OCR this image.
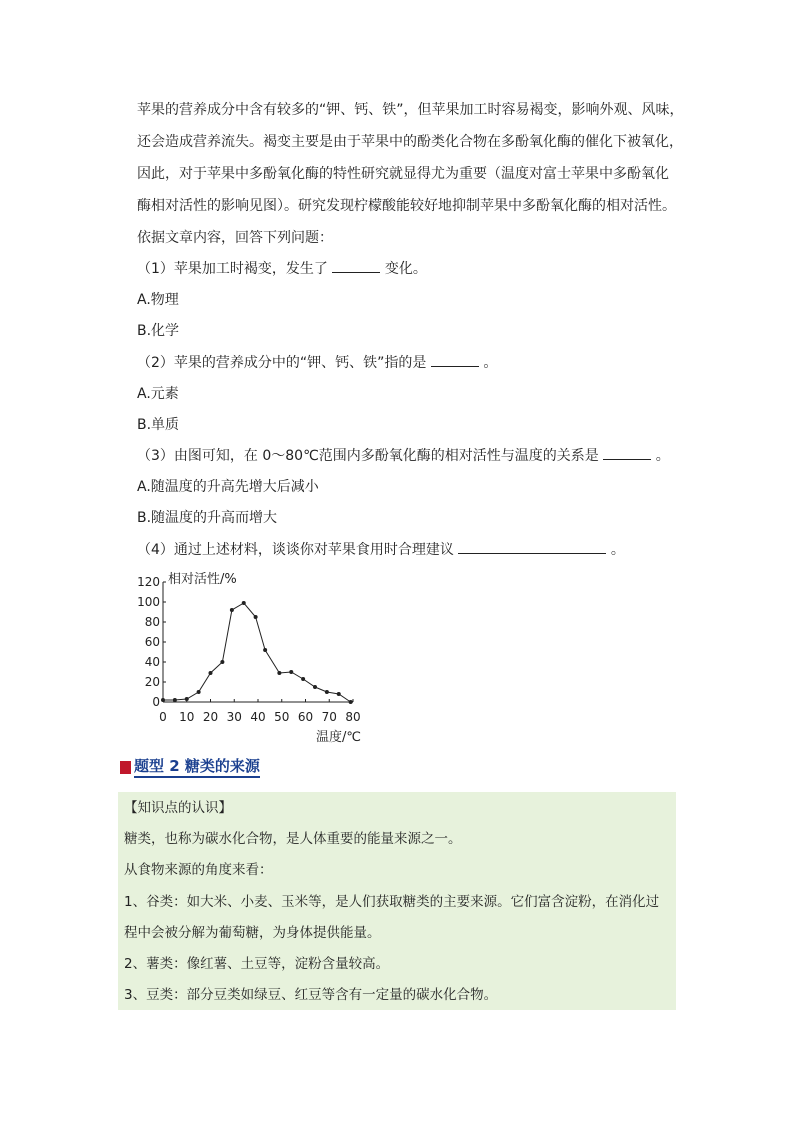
苹果的营养成分中含有较多的“钾、钙、铁”，但苹果加工时容易褐变，影响外观、风味，
还会造成营养流失。褐变主要是由于苹果中的酚类化合物在多酚氧化酶的催化下被氧化，
因此，对于苹果中多酚氧化酶的特性研究就显得尤为重要（温度对富士苹果中多酚氧化
酶相对活性的影响见图）。研究发现柠檬酸能较好地抑制苹果中多酚氧化酶的相对活性。
依据文章内容，回答下列问题：
（1）苹果加工时褐变，发生了	变化。
A.物理
B.化学
（2）苹果的营养成分中的“钾、钙、铁”指的是	。
A.元素
B.单质
（3）由图可知，在 0～80℃范围内多酚氧化酶的相对活性与温度的关系是	。
A.随温度的升高先增大后减小
B.随温度的升高而增大
（4）通过上述材料，谈谈你对苹果食用时合理建议	。
相对活性/%
温度/℃
0
20
40
60
80
100
120
0 10 20 30 40 50 60 70 80
题型 2 糖类的来源
【知识点的认识】
糖类，也称为碳水化合物，是人体重要的能量来源之一。
从食物来源的角度来看：
1、谷类：如大米、小麦、玉米等，是人们获取糖类的主要来源。它们富含淀粉，在消化过
程中会被分解为葡萄糖，为身体提供能量。
2、薯类：像红薯、土豆等，淀粉含量较高。
3、豆类：部分豆类如绿豆、红豆等含有一定量的碳水化合物。
